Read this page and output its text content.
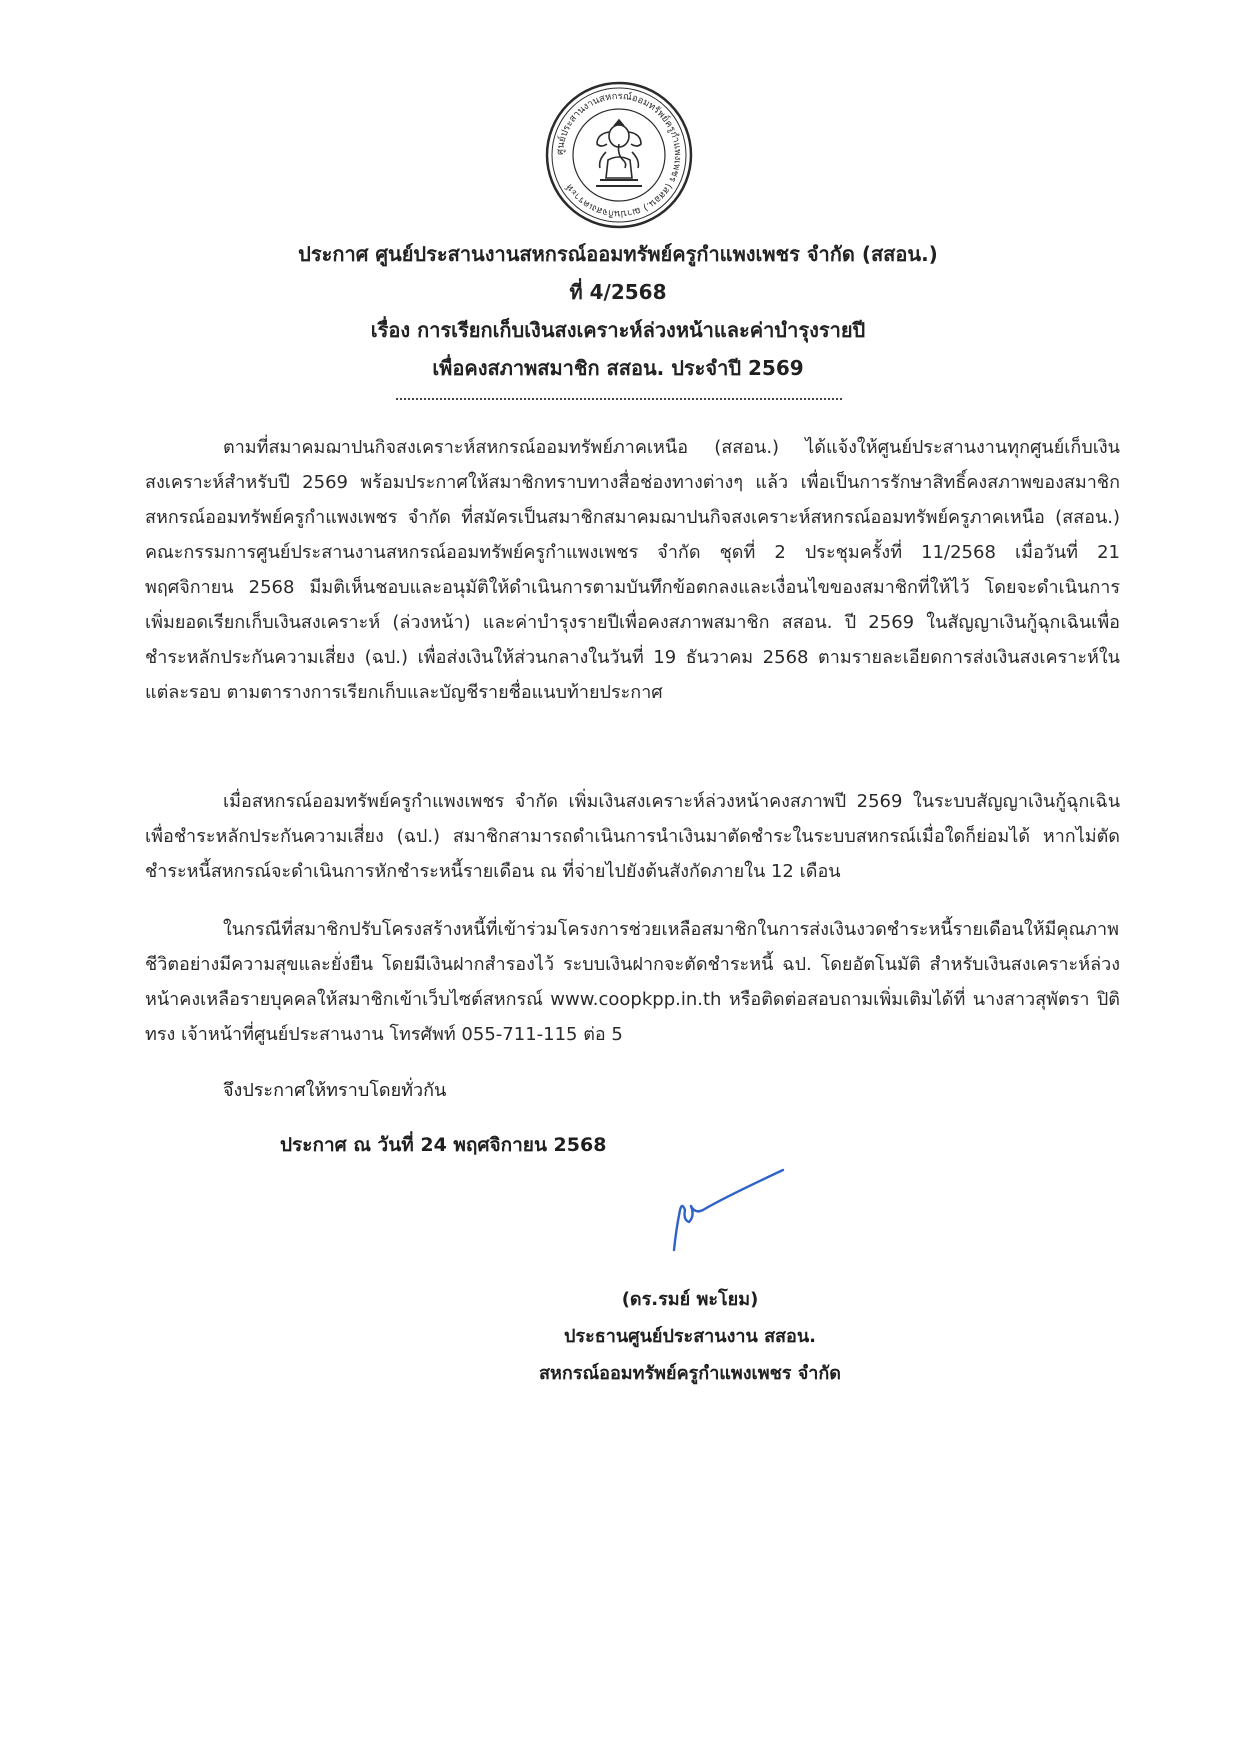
ศูนย์ประสานงานสหกรณ์ออมทรัพย์ครูกำแพงเพชร (สสอน.) ฌาปนกิจสงเคราะห์
ประกาศ ศูนย์ประสานงานสหกรณ์ออมทรัพย์ครูกำแพงเพชร จำกัด (สสอน.)
ที่ 4/2568
เรื่อง การเรียกเก็บเงินสงเคราะห์ล่วงหน้าและค่าบำรุงรายปี
เพื่อคงสภาพสมาชิก สสอน. ประจำปี 2569

ตามที่สมาคมฌาปนกิจสงเคราะห์สหกรณ์ออมทรัพย์ภาคเหนือ (สสอน.) ได้แจ้งให้ศูนย์ประสานงานทุกศูนย์เก็บเงินสงเคราะห์สำหรับปี 2569 พร้อมประกาศให้สมาชิกทราบทางสื่อช่องทางต่างๆ แล้ว เพื่อเป็นการรักษาสิทธิ์คงสภาพของสมาชิกสหกรณ์ออมทรัพย์ครูกำแพงเพชร จำกัด ที่สมัครเป็นสมาชิกสมาคมฌาปนกิจสงเคราะห์สหกรณ์ออมทรัพย์ครูภาคเหนือ (สสอน.) คณะกรรมการศูนย์ประสานงานสหกรณ์ออมทรัพย์ครูกำแพงเพชร จำกัด ชุดที่ 2 ประชุมครั้งที่ 11/2568 เมื่อวันที่ 21 พฤศจิกายน 2568 มีมติเห็นชอบและอนุมัติให้ดำเนินการตามบันทึกข้อตกลงและเงื่อนไขของสมาชิกที่ให้ไว้ โดยจะดำเนินการเพิ่มยอดเรียกเก็บเงินสงเคราะห์ (ล่วงหน้า) และค่าบำรุงรายปีเพื่อคงสภาพสมาชิก สสอน. ปี 2569 ในสัญญาเงินกู้ฉุกเฉินเพื่อชำระหลักประกันความเสี่ยง (ฉป.) เพื่อส่งเงินให้ส่วนกลางในวันที่ 19 ธันวาคม 2568 ตามรายละเอียดการส่งเงินสงเคราะห์ในแต่ละรอบ ตามตารางการเรียกเก็บและบัญชีรายชื่อแนบท้ายประกาศ

เมื่อสหกรณ์ออมทรัพย์ครูกำแพงเพชร จำกัด เพิ่มเงินสงเคราะห์ล่วงหน้าคงสภาพปี 2569 ในระบบสัญญาเงินกู้ฉุกเฉินเพื่อชำระหลักประกันความเสี่ยง (ฉป.) สมาชิกสามารถดำเนินการนำเงินมาตัดชำระในระบบสหกรณ์เมื่อใดก็ย่อมได้ หากไม่ตัดชำระหนี้สหกรณ์จะดำเนินการหักชำระหนี้รายเดือน ณ ที่จ่ายไปยังต้นสังกัดภายใน 12 เดือน

ในกรณีที่สมาชิกปรับโครงสร้างหนี้ที่เข้าร่วมโครงการช่วยเหลือสมาชิกในการส่งเงินงวดชำระหนี้รายเดือนให้มีคุณภาพชีวิตอย่างมีความสุขและยั่งยืน โดยมีเงินฝากสำรองไว้ ระบบเงินฝากจะตัดชำระหนี้ ฉป. โดยอัตโนมัติ สำหรับเงินสงเคราะห์ล่วงหน้าคงเหลือรายบุคคลให้สมาชิกเข้าเว็บไซต์สหกรณ์ www.coopkpp.in.th หรือติดต่อสอบถามเพิ่มเติมได้ที่ นางสาวสุพัตรา ปิติทรง เจ้าหน้าที่ศูนย์ประสานงาน โทรศัพท์ 055-711-115 ต่อ 5

จึงประกาศให้ทราบโดยทั่วกัน
ประกาศ ณ วันที่ 24 พฤศจิกายน 2568
(ดร.รมย์ พะโยม)
ประธานศูนย์ประสานงาน สสอน.
สหกรณ์ออมทรัพย์ครูกำแพงเพชร จำกัด
